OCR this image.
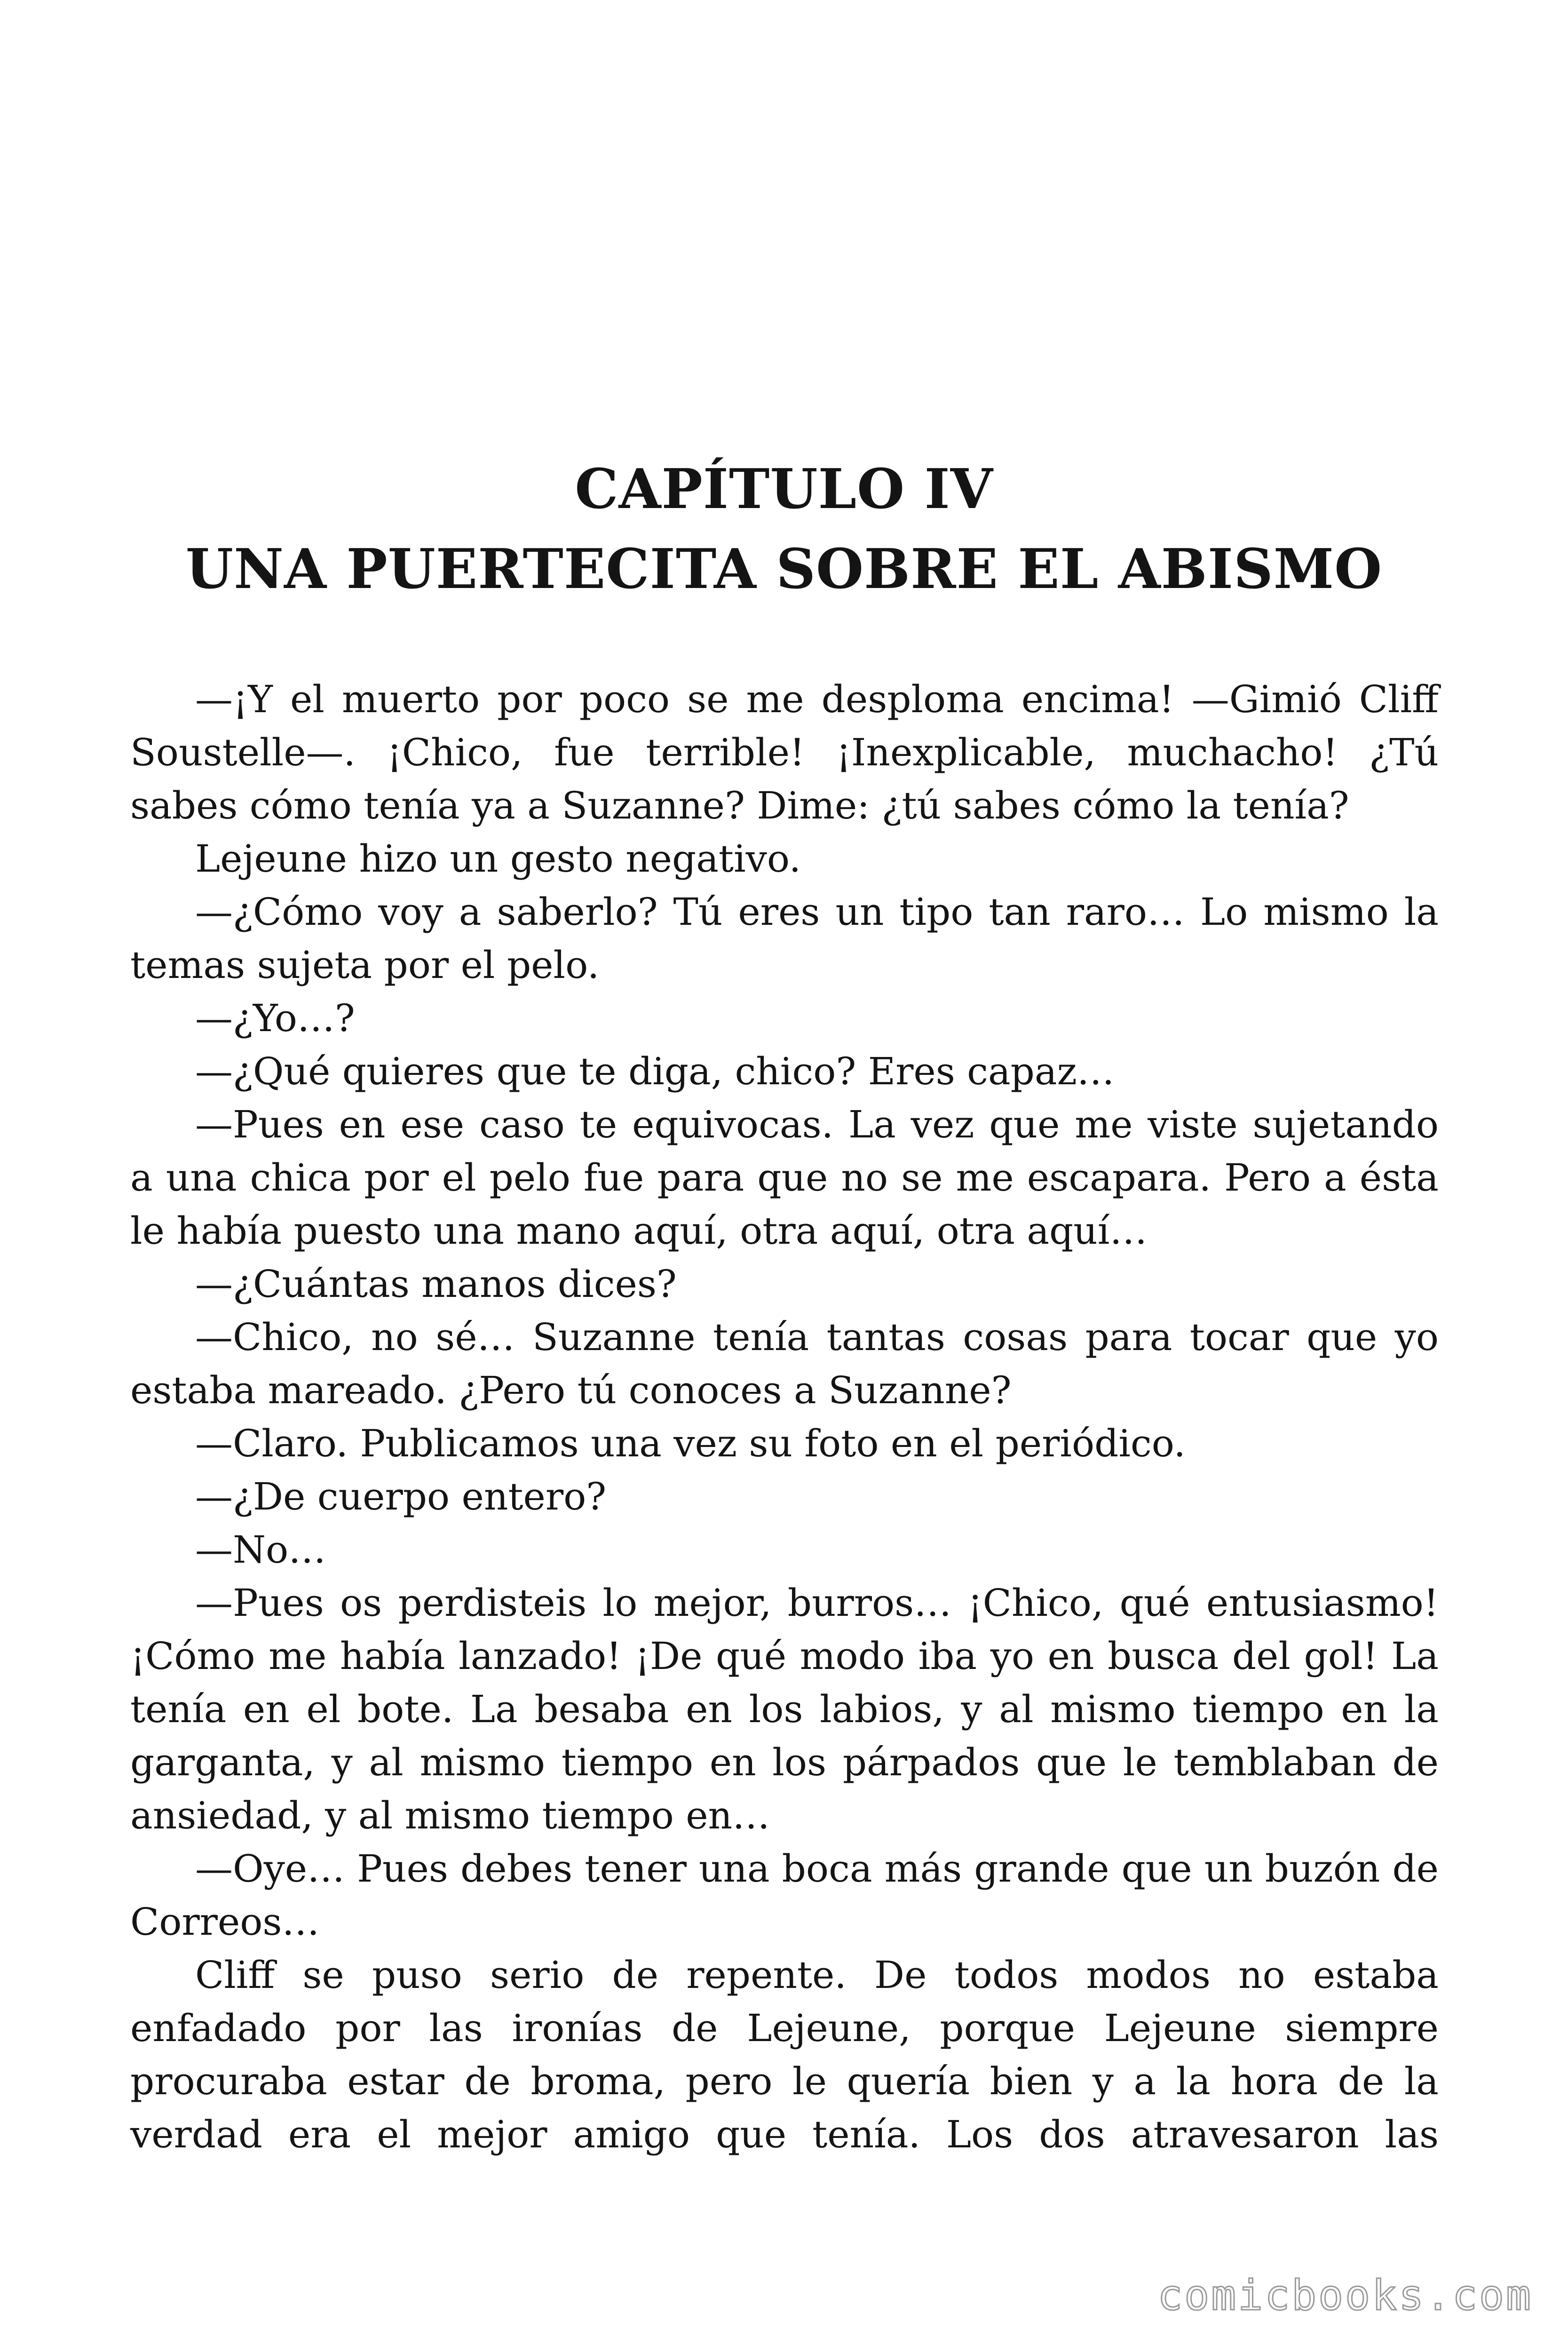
CAPÍTULO IV
UNA PUERTECITA SOBRE EL ABISMO

—¡Y el muerto por poco se me desploma encima! —Gimió Cliff Soustelle—. ¡Chico, fue terrible! ¡Inexplicable, muchacho! ¿Tú sabes cómo tenía ya a Suzanne? Dime: ¿tú sabes cómo la tenía?

Lejeune hizo un gesto negativo.

—¿Cómo voy a saberlo? Tú eres un tipo tan raro… Lo mismo la temas sujeta por el pelo.

—¿Yo…?

—¿Qué quieres que te diga, chico? Eres capaz…

—Pues en ese caso te equivocas. La vez que me viste sujetando a una chica por el pelo fue para que no se me escapara. Pero a ésta le había puesto una mano aquí, otra aquí, otra aquí…

—¿Cuántas manos dices?

—Chico, no sé… Suzanne tenía tantas cosas para tocar que yo estaba mareado. ¿Pero tú conoces a Suzanne?

—Claro. Publicamos una vez su foto en el periódico.

—¿De cuerpo entero?

—No…

—Pues os perdisteis lo mejor, burros… ¡Chico, qué entusiasmo! ¡Cómo me había lanzado! ¡De qué modo iba yo en busca del gol! La tenía en el bote. La besaba en los labios, y al mismo tiempo en la garganta, y al mismo tiempo en los párpados que le temblaban de ansiedad, y al mismo tiempo en…

—Oye… Pues debes tener una boca más grande que un buzón de Correos…

Cliff se puso serio de repente. De todos modos no estaba enfadado por las ironías de Lejeune, porque Lejeune siempre procuraba estar de broma, pero le quería bien y a la hora de la verdad era el mejor amigo que tenía. Los dos atravesaron las

comicbooks.com
